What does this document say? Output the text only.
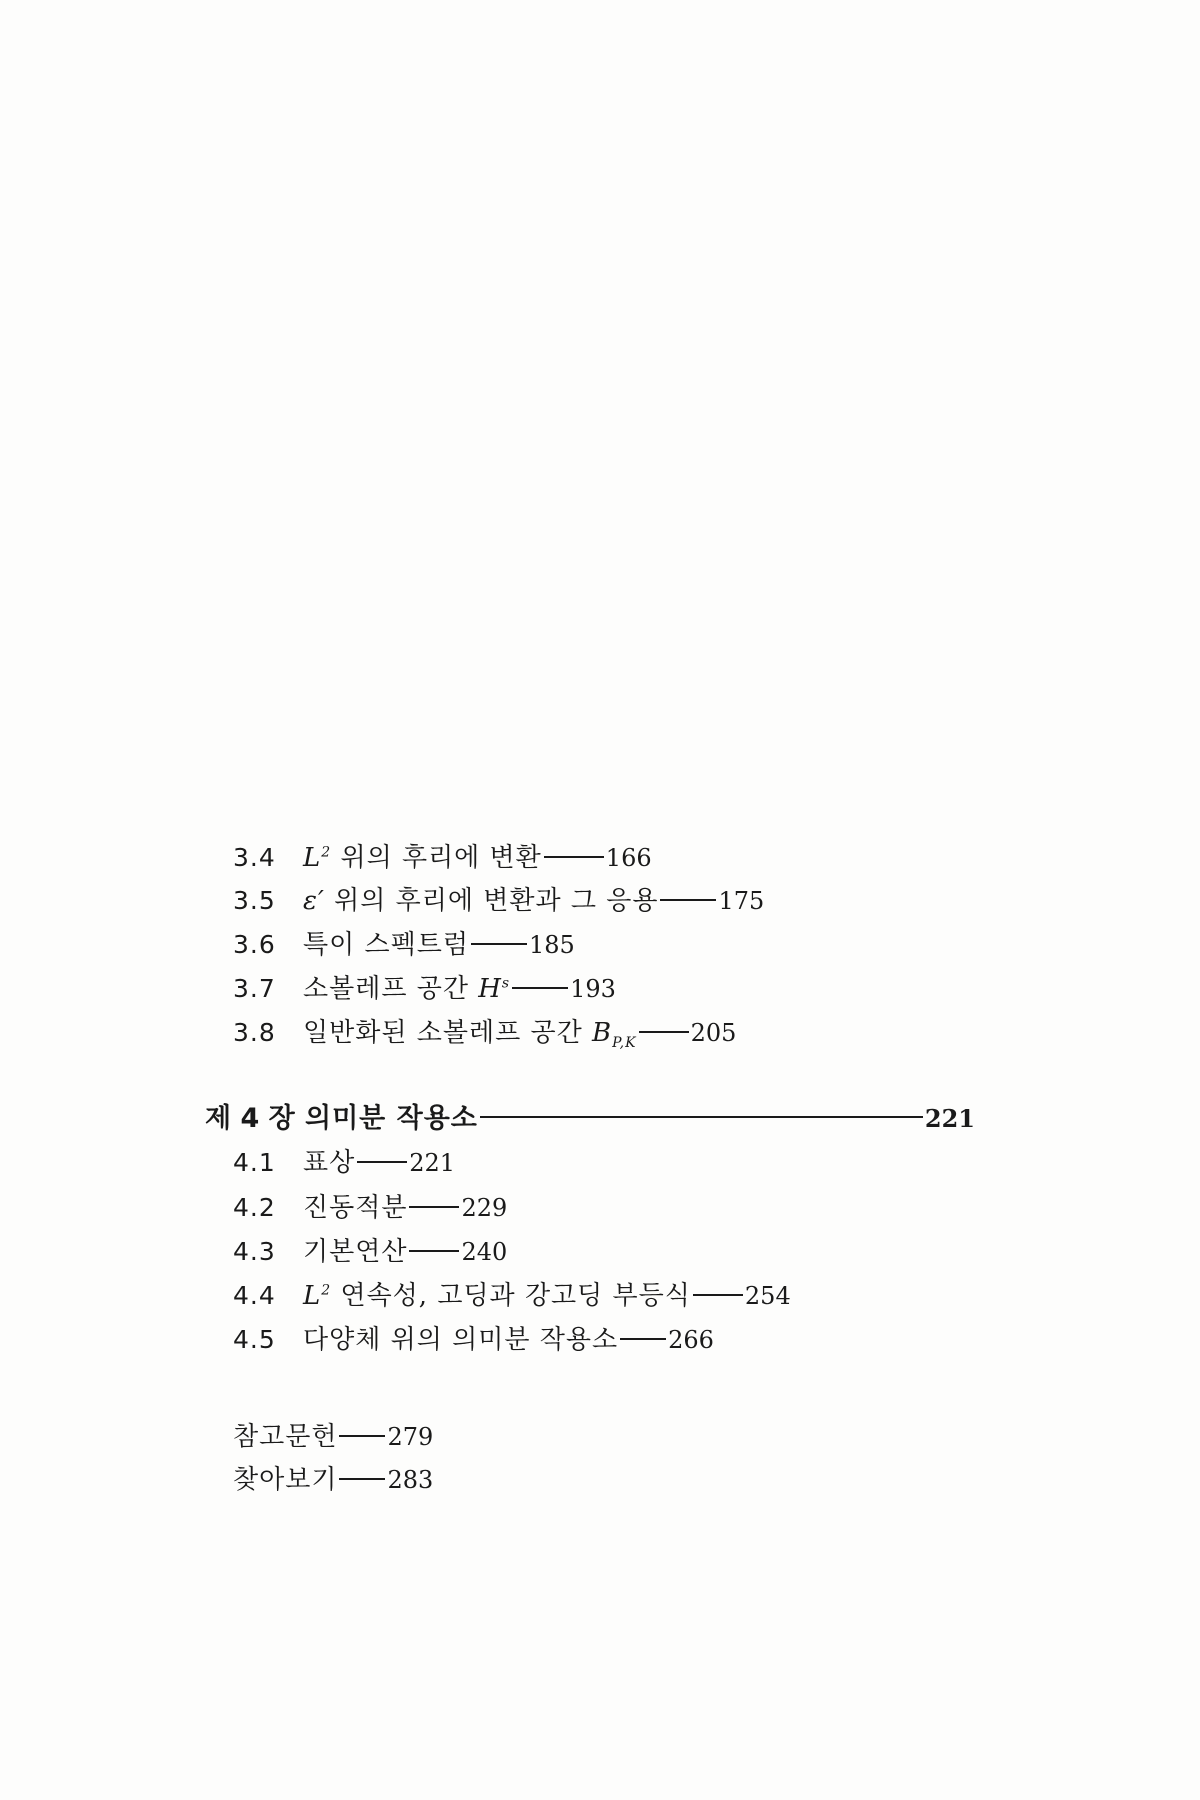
3.4	$L^2$ 위의 후리에 변환	166
3.5	ε′ 위의 후리에 변환과 그 응용	175
3.6	특이 스펙트럼	185
3.7	소볼레프 공간 $H^s$	193
3.8	일반화된 소볼레프 공간 $B_{P,K}$ 205
제 4 장 의미분 작용소	221
4.1	표상 221
4.2	진동적분 229
4.3	기본연산 240
4.4	$L^2$ 연속성, 고딩과 강고딩 부등식 254
4.5	다양체 위의 의미분 작용소 266
참고문헌 279
찾아보기 283
